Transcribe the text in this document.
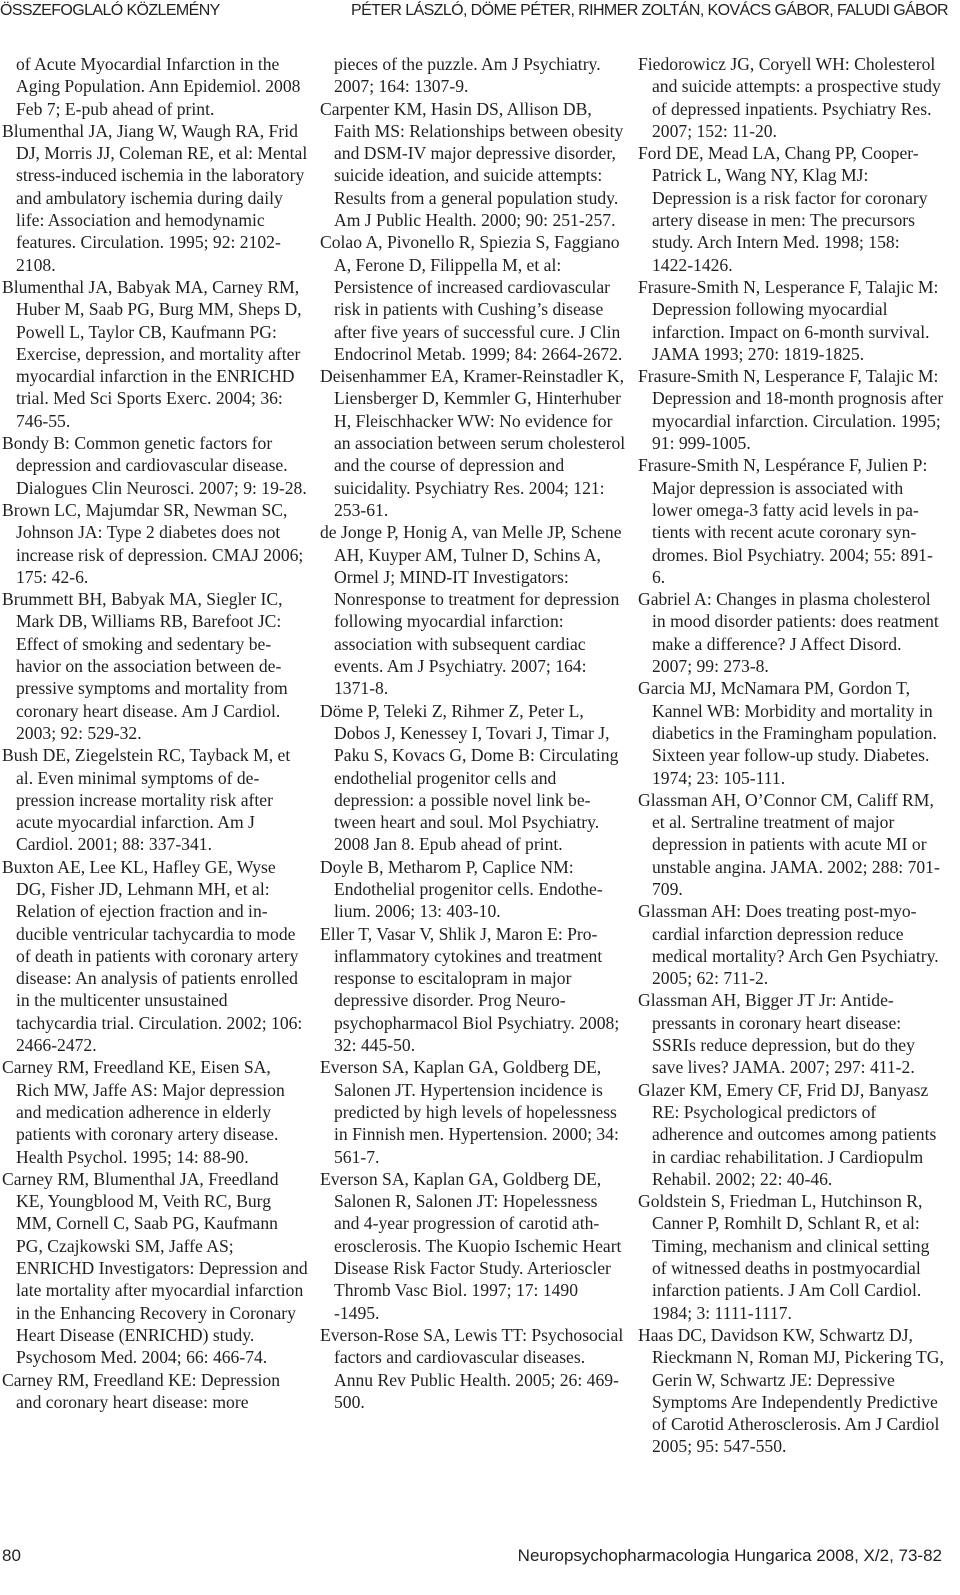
ÖSSZEFOGLALÓ KÖZLEMÉNY	PÉTER LÁSZLÓ, DÖME PÉTER, RIHMER ZOLTÁN, KOVÁCS GÁBOR, FALUDI GÁBOR

of Acute Myocardial Infarction in the Aging Population. Ann Epidemiol. 2008 Feb 7; E-pub ahead of print.

Blumenthal JA, Jiang W, Waugh RA, Frid DJ, Morris JJ, Coleman RE, et al: Mental stress-induced ischemia in the laboratory and ambulatory ischemia during daily life: Association and hemodynamic features. Circulation. 1995; 92: 2102-2108.

Blumenthal JA, Babyak MA, Carney RM, Huber M, Saab PG, Burg MM, Sheps D, Powell L, Taylor CB, Kaufmann PG: Exercise, depression, and mortality after myocardial infarction in the ENRICHD trial. Med Sci Sports Exerc. 2004; 36: 746-55.

Bondy B: Common genetic factors for depression and cardiovascular disease. Dialogues Clin Neurosci. 2007; 9: 19-28.

Brown LC, Majumdar SR, Newman SC, Johnson JA: Type 2 diabetes does not increase risk of depression. CMAJ 2006; 175: 42-6.

Brummett BH, Babyak MA, Siegler IC, Mark DB, Williams RB, Barefoot JC: Effect of smoking and sedentary behavior on the association between depressive symptoms and mortality from coronary heart disease. Am J Cardiol. 2003; 92: 529-32.

Bush DE, Ziegelstein RC, Tayback M, et al. Even minimal symptoms of depression increase mortality risk after acute myocardial infarction. Am J Cardiol. 2001; 88: 337-341.

Buxton AE, Lee KL, Hafley GE, Wyse DG, Fisher JD, Lehmann MH, et al: Relation of ejection fraction and inducible ventricular tachycardia to mode of death in patients with coronary artery disease: An analysis of patients enrolled in the multicenter unsustained tachycardia trial. Circulation. 2002; 106: 2466-2472.

Carney RM, Freedland KE, Eisen SA, Rich MW, Jaffe AS: Major depression and medication adherence in elderly patients with coronary artery disease. Health Psychol. 1995; 14: 88-90.

Carney RM, Blumenthal JA, Freedland KE, Youngblood M, Veith RC, Burg MM, Cornell C, Saab PG, Kaufmann PG, Czajkowski SM, Jaffe AS; ENRICHD Investigators: Depression and late mortality after myocardial infarction in the Enhancing Recovery in Coronary Heart Disease (ENRICHD) study. Psychosom Med. 2004; 66: 466-74.

Carney RM, Freedland KE: Depression and coronary heart disease: more

pieces of the puzzle. Am J Psychiatry. 2007; 164: 1307-9.

Carpenter KM, Hasin DS, Allison DB, Faith MS: Relationships between obesity and DSM-IV major depressive disorder, suicide ideation, and suicide attempts: Results from a general population study. Am J Public Health. 2000; 90: 251-257.

Colao A, Pivonello R, Spiezia S, Faggiano A, Ferone D, Filippella M, et al: Persistence of increased cardiovascular risk in patients with Cushing’s disease after five years of successful cure. J Clin Endocrinol Metab. 1999; 84: 2664-2672.

Deisenhammer EA, Kramer-Reinstadler K, Liensberger D, Kemmler G, Hinterhuber H, Fleischhacker WW: No evidence for an association between serum cholesterol and the course of depression and suicidality. Psychiatry Res. 2004; 121: 253-61.

de Jonge P, Honig A, van Melle JP, Schene AH, Kuyper AM, Tulner D, Schins A, Ormel J; MIND-IT Investigators: Nonresponse to treatment for depression following myocardial infarction: association with subsequent cardiac events. Am J Psychiatry. 2007; 164: 1371-8.

Döme P, Teleki Z, Rihmer Z, Peter L, Dobos J, Kenessey I, Tovari J, Timar J, Paku S, Kovacs G, Dome B: Circulating endothelial progenitor cells and depression: a possible novel link between heart and soul. Mol Psychiatry. 2008 Jan 8. Epub ahead of print.

Doyle B, Metharom P, Caplice NM: Endothelial progenitor cells. Endothelium. 2006; 13: 403-10.

Eller T, Vasar V, Shlik J, Maron E: Pro-inflammatory cytokines and treatment response to escitalopram in major depressive disorder. Prog Neuropsychopharmacol Biol Psychiatry. 2008; 32: 445-50.

Everson SA, Kaplan GA, Goldberg DE, Salonen JT. Hypertension incidence is predicted by high levels of hopelessness in Finnish men. Hypertension. 2000; 34: 561-7.

Everson SA, Kaplan GA, Goldberg DE, Salonen R, Salonen JT: Hopelessness and 4-year progression of carotid atherosclerosis. The Kuopio Ischemic Heart Disease Risk Factor Study. Arterioscler Thromb Vasc Biol. 1997; 17: 1490 -1495.

Everson-Rose SA, Lewis TT: Psychosocial factors and cardiovascular diseases. Annu Rev Public Health. 2005; 26: 469-500.

Fiedorowicz JG, Coryell WH: Cholesterol and suicide attempts: a prospective study of depressed inpatients. Psychiatry Res. 2007; 152: 11-20.

Ford DE, Mead LA, Chang PP, Cooper-Patrick L, Wang NY, Klag MJ: Depression is a risk factor for coronary artery disease in men: The precursors study. Arch Intern Med. 1998; 158: 1422-1426.

Frasure-Smith N, Lesperance F, Talajic M: Depression following myocardial infarction. Impact on 6-month survival. JAMA 1993; 270: 1819-1825.

Frasure-Smith N, Lesperance F, Talajic M: Depression and 18-month prognosis after myocardial infarction. Circulation. 1995; 91: 999-1005.

Frasure-Smith N, Lespérance F, Julien P: Major depression is associated with lower omega-3 fatty acid levels in patients with recent acute coronary syndromes. Biol Psychiatry. 2004; 55: 891-6.

Gabriel A: Changes in plasma cholesterol in mood disorder patients: does reatment make a difference? J Affect Disord. 2007; 99: 273-8.

Garcia MJ, McNamara PM, Gordon T, Kannel WB: Morbidity and mortality in diabetics in the Framingham population. Sixteen year follow-up study. Diabetes. 1974; 23: 105-111.

Glassman AH, O’Connor CM, Califf RM, et al. Sertraline treatment of major depression in patients with acute MI or unstable angina. JAMA. 2002; 288: 701-709.

Glassman AH: Does treating post-myocardial infarction depression reduce medical mortality? Arch Gen Psychiatry. 2005; 62: 711-2.

Glassman AH, Bigger JT Jr: Antidepressants in coronary heart disease: SSRIs reduce depression, but do they save lives? JAMA. 2007; 297: 411-2.

Glazer KM, Emery CF, Frid DJ, Banyasz RE: Psychological predictors of adherence and outcomes among patients in cardiac rehabilitation. J Cardiopulm Rehabil. 2002; 22: 40-46.

Goldstein S, Friedman L, Hutchinson R, Canner P, Romhilt D, Schlant R, et al: Timing, mechanism and clinical setting of witnessed deaths in postmyocardial infarction patients. J Am Coll Cardiol. 1984; 3: 1111-1117.

Haas DC, Davidson KW, Schwartz DJ, Rieckmann N, Roman MJ, Pickering TG, Gerin W, Schwartz JE: Depressive Symptoms Are Independently Predictive of Carotid Atherosclerosis. Am J Cardiol 2005; 95: 547-550.

80	Neuropsychopharmacologia Hungarica 2008, X/2, 73-82
